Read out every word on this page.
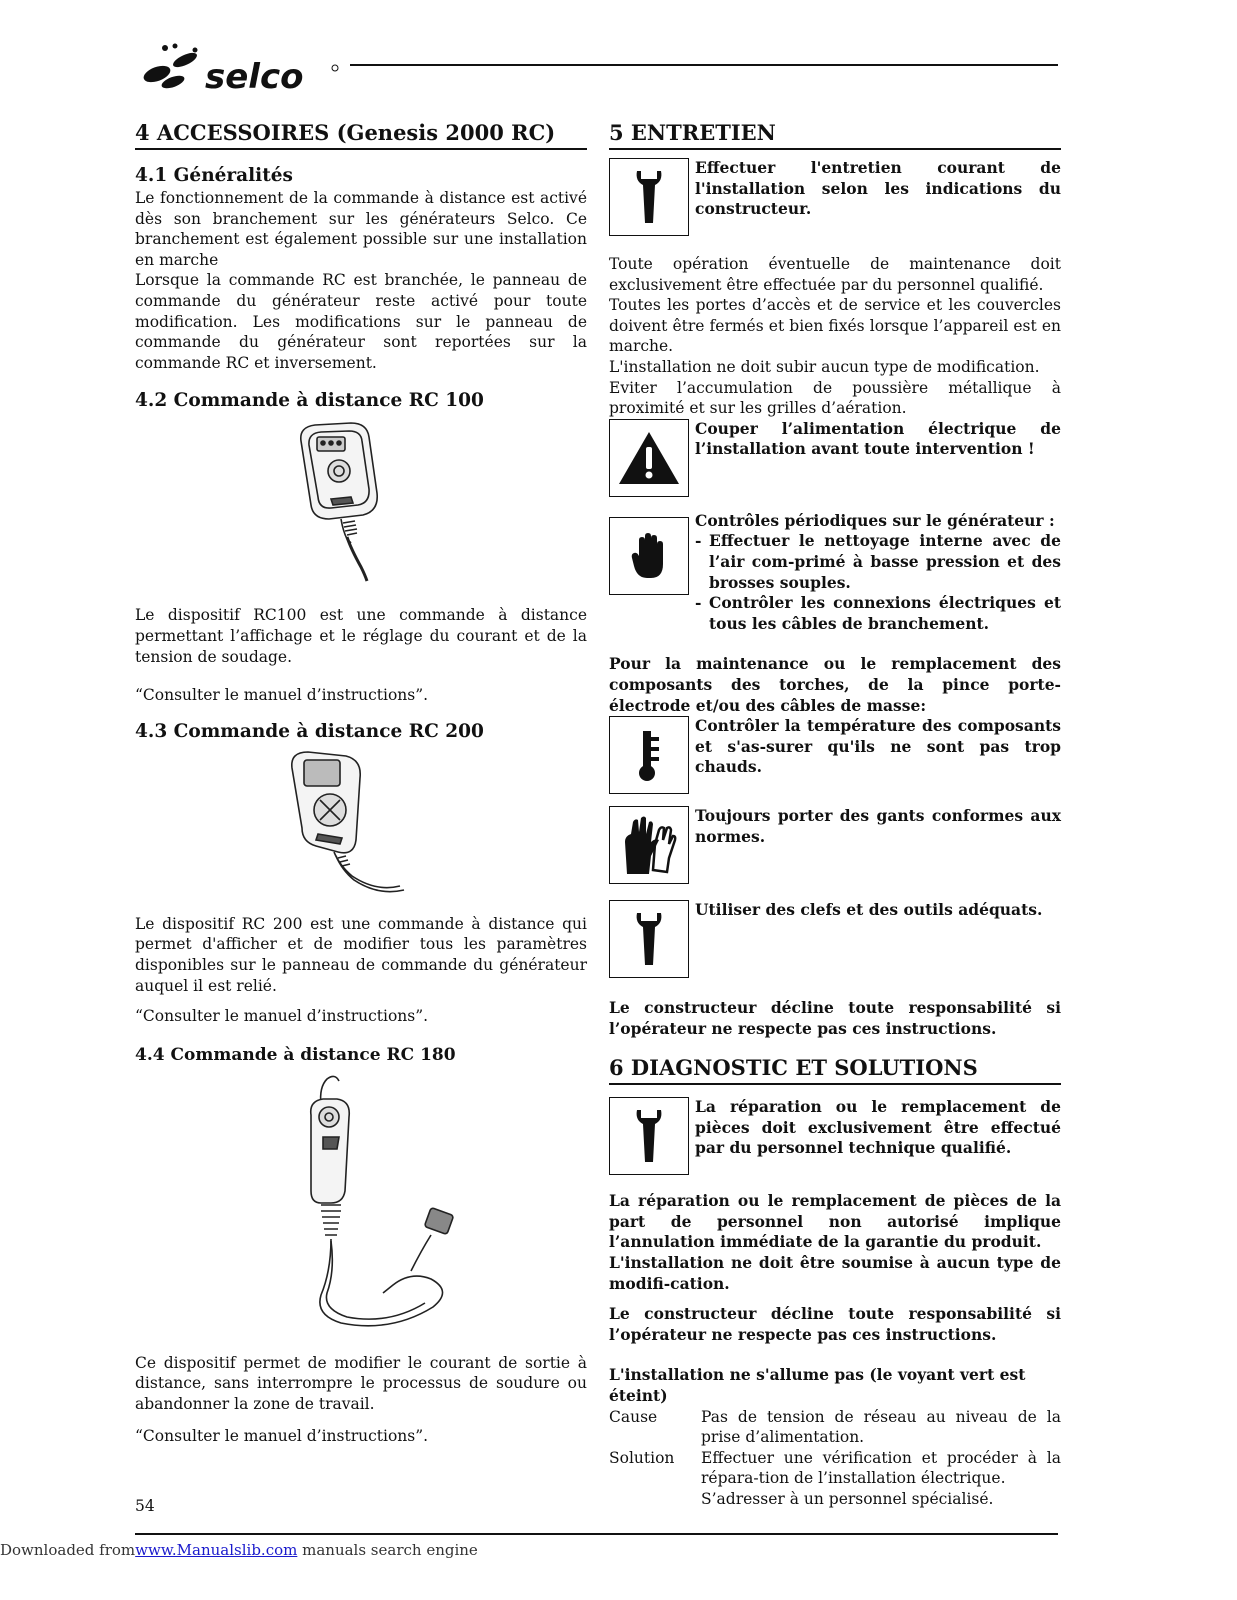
selco
4 ACCESSOIRES (Genesis 2000 RC)
4.1 Généralités

Le fonctionnement de la commande à distance est activé dès son branchement sur les générateurs Selco. Ce branchement est également possible sur une installation en marche

Lorsque la commande RC est branchée, le panneau de commande du générateur reste activé pour toute modification. Les modifications sur le panneau de commande du générateur sont reportées sur la commande RC et inversement.

4.2 Commande à distance RC 100

Le dispositif RC100 est une commande à distance permettant l’affichage et le réglage du courant et de la tension de soudage.

“Consulter le manuel d’instructions”.

4.3 Commande à distance RC 200

Le dispositif RC 200 est une commande à distance qui permet d'afficher et de modifier tous les paramètres disponibles sur le panneau de commande du générateur auquel il est relié.

“Consulter le manuel d’instructions”.

4.4 Commande à distance RC 180

Ce dispositif permet de modifier le courant de sortie à distance, sans interrompre le processus de soudure ou abandonner la zone de travail.

“Consulter le manuel d’instructions”.

5 ENTRETIEN
Effectuer l'entretien courant de l'installation selon les indications du constructeur.

Toute opération éventuelle de maintenance doit exclusivement être effectuée par du personnel qualifié.

Toutes les portes d’accès et de service et les couvercles doivent être fermés et bien fixés lorsque l’appareil est en marche.

L'installation ne doit subir aucun type de modification.

Eviter l’accumulation de poussière métallique à proximité et sur les grilles d’aération.

Couper l’alimentation électrique de l’installation avant toute intervention !
Contrôles périodiques sur le générateur :
- Effectuer le nettoyage interne avec de l’air com-primé à basse pression et des brosses souples.
- Contrôler les connexions électriques et tous les câbles de branchement.

Pour la maintenance ou le remplacement des composants des torches, de la pince porte-électrode et/ou des câbles de masse:

Contrôler la température des composants et s'as-surer qu'ils ne sont pas trop chauds.
Toujours porter des gants conformes aux normes.
Utiliser des clefs et des outils adéquats.

Le constructeur décline toute responsabilité si l’opérateur ne respecte pas ces instructions.

6 DIAGNOSTIC ET SOLUTIONS
La réparation ou le remplacement de pièces doit exclusivement être effectué par du personnel technique qualifié.

La réparation ou le remplacement de pièces de la part de personnel non autorisé implique l’annulation immédiate de la garantie du produit.

L'installation ne doit être soumise à aucun type de modifi-cation.

Le constructeur décline toute responsabilité si l’opérateur ne respecte pas ces instructions.

L'installation ne s'allume pas (le voyant vert est éteint)
Cause	Pas de tension de réseau au niveau de la prise d’alimentation.
Solution	Effectuer une vérification et procéder à la répara-tion de l’installation électrique.
S’adresser à un personnel spécialisé.
54
Downloaded fromwww.Manualslib.com manuals search engine
